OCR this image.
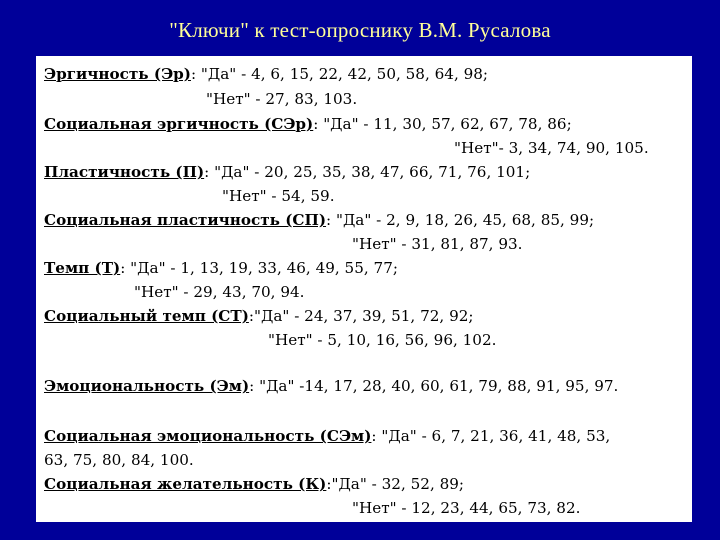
"Ключи" к тест-опроснику В.М. Русалова
Эргичность (Эр): "Да" - 4, 6, 15, 22, 42, 50, 58, 64, 98;
"Нет" - 27, 83, 103.
Социальная эргичность (СЭр): "Да" - 11, 30, 57, 62, 67, 78, 86;
"Нет"- 3, 34, 74, 90, 105.
Пластичность (П): "Да" - 20, 25, 35, 38, 47, 66, 71, 76, 101;
"Нет" - 54, 59.
Социальная пластичность (СП): "Да" - 2, 9, 18, 26, 45, 68, 85, 99;
"Нет" - 31, 81, 87, 93.
Темп (Т): "Да" - 1, 13, 19, 33, 46, 49, 55, 77;
"Нет" - 29, 43, 70, 94.
Социальный темп (СТ):"Да" - 24, 37, 39, 51, 72, 92;
"Нет" - 5, 10, 16, 56, 96, 102.
Эмоциональность (Эм): "Да" -14, 17, 28, 40, 60, 61, 79, 88, 91, 95, 97.
Социальная эмоциональность (СЭм): "Да" - 6, 7, 21, 36, 41, 48, 53,
63, 75, 80, 84, 100.
Социальная желательность (К):"Да" - 32, 52, 89;
"Нет" - 12, 23, 44, 65, 73, 82.
